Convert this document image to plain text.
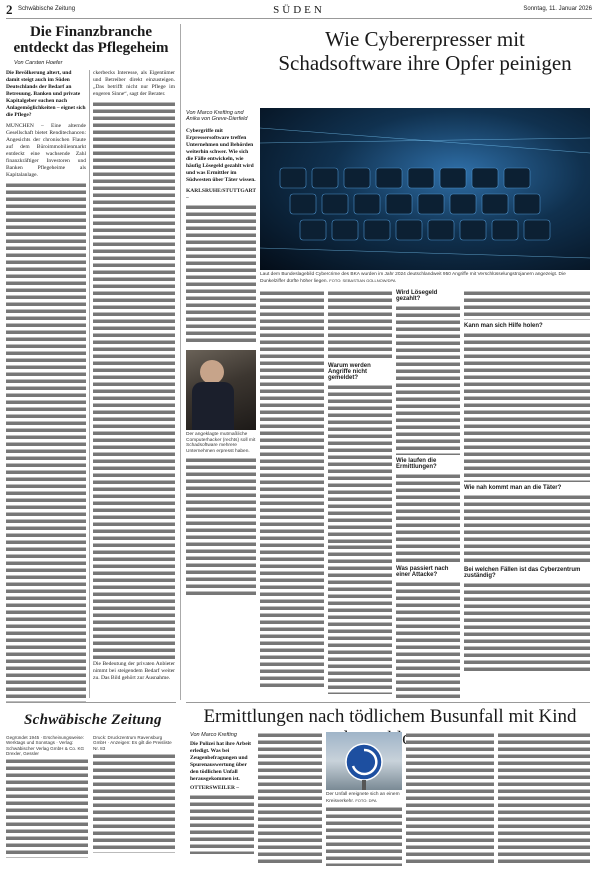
2 Schwäbische Zeitung	SÜDEN	Sonntag, 11. Januar 2026
Die Finanzbranche entdeckt das Pflegeheim
Von Carsten Hoefer
Die Bevölkerung altert, und damit steigt auch im Süden Deutschlands der Bedarf an Betreuung. Banken und private Kapitalgeber suchen nach Anlagemöglichkeiten – eignet sich die Pflege?
MÜNCHEN – Eine alternde Gesellschaft bietet Renditechancen: Angesichts der chronischen Flaute auf dem Büroimmobilienmarkt entdeckt eine wachsende Zahl finanzkräftiger Investoren und Banken Pflegeheime als Kapitalanlage.
ckerbecks Interesse, als Eigentümer und Betreiber direkt einzusteigen. „Das betrifft nicht nur Pflege im engeren Sinne“, sagt der Berater.
Die Bedeutung der privaten Anbieter nimmt bei steigendem Bedarf weiter zu. Das Bild gehört zur Ausnahme.
Wie Cybererpresser mit
Schadsoftware ihre Opfer peinigen
Von Marco Krefting und
Anika von Greve-Dierfeld
Cybergriffe mit Erpressersoftware treffen Unternehmen und Behörden weiterhin schwer. Wie sich die Fälle entwickeln, wie häufig Lösegeld gezahlt wird und was Ermittler im Südwesten über Täter wissen.
KARLSRUHE/STUTTGART –
Der angeklagte mutmaßliche Computerhacker (rechts) soll mit Schadsoftware mehrere Unternehmen erpresst haben.
Laut dem Bundeslagebild Cybercrime des BKA wurden im Jahr 2024 deutschlandweit 950 Angriffe mit Verschlüsselungstrojanern angezeigt. Die Dunkelziffer dürfte höher liegen. FOTO: SEBASTIAN GOLLNOW/DPA
Warum werden Angriffe nicht gemeldet?
Wird Lösegeld gezahlt?
Wie laufen die Ermittlungen?
Was passiert nach einer Attacke?
Kann man sich Hilfe holen?
Wie nah kommt man an die Täter?
Bei welchen Fällen ist das Cyberzentrum zuständig?
Schwäbische Zeitung
Gegründet 1945 · Erscheinungsweise: Werktags und Sonntags · Verlag: Schwäbischer Verlag GmbH & Co. KG Drexler, Gessler
Druck: Druckzentrum Ravensburg GmbH · Anzeigen: Es gilt die Preisliste Nr. 83
Ermittlungen nach tödlichem Busunfall mit Kind
Von Marco Krefting
Die Polizei hat ihre Arbeit erledigt. Was bei Zeugenbefragungen und Spurenauswertung über den tödlichen Unfall herausgekommen ist.
OTTERSWEILER –
Der Unfall ereignete sich an einem Kreisverkehr. FOTO: DPA
